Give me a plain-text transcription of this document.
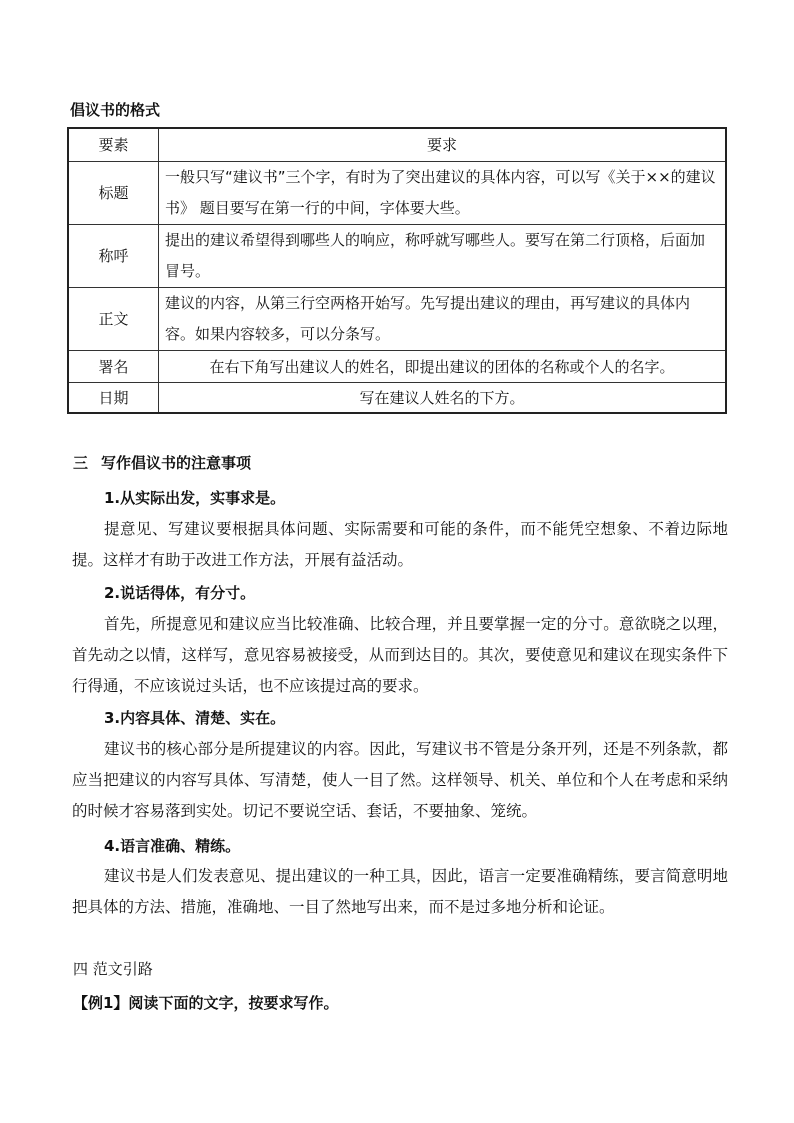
倡议书的格式
要素	要求
标题	一般只写“建议书”三个字，有时为了突出建议的具体内容，可以写《关于××的建议书》 题目要写在第一行的中间，字体要大些。
称呼	提出的建议希望得到哪些人的响应，称呼就写哪些人。要写在第二行顶格，后面加冒号。
正文	建议的内容，从第三行空两格开始写。先写提出建议的理由，再写建议的具体内容。如果内容较多，可以分条写。
署名	在右下角写出建议人的姓名，即提出建议的团体的名称或个人的名字。
日期	写在建议人姓名的下方。
三 写作倡议书的注意事项
1.从实际出发，实事求是。
提意见、写建议要根据具体问题、实际需要和可能的条件，而不能凭空想象、不着边际地提。这样才有助于改进工作方法，开展有益活动。
2.说话得体，有分寸。
首先，所提意见和建议应当比较准确、比较合理，并且要掌握一定的分寸。意欲晓之以理，首先动之以情，这样写，意见容易被接受，从而到达目的。其次，要使意见和建议在现实条件下行得通，不应该说过头话，也不应该提过高的要求。
3.内容具体、清楚、实在。
建议书的核心部分是所提建议的内容。因此，写建议书不管是分条开列，还是不列条款，都应当把建议的内容写具体、写清楚，使人一目了然。这样领导、机关、单位和个人在考虑和采纳的时候才容易落到实处。切记不要说空话、套话，不要抽象、笼统。
4.语言准确、精练。
建议书是人们发表意见、提出建议的一种工具，因此，语言一定要准确精练，要言简意明地把具体的方法、措施，准确地、一目了然地写出来，而不是过多地分析和论证。
四 范文引路
【例1】阅读下面的文字，按要求写作。
